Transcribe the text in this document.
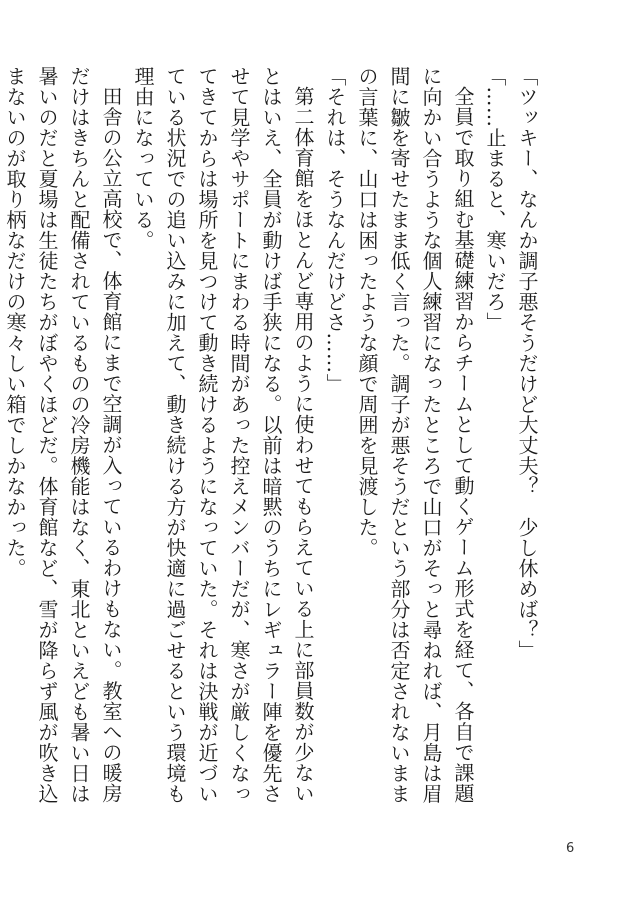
「ツッキー、なんか調子悪そうだけど大丈夫？　少し休めば？」

「……止まると、寒いだろ」

全員で取り組む基礎練習からチームとして動くゲーム形式を経て、各自で課題に向かい合うような個人練習になったところで山口がそっと尋ねれば、月島は眉間に皺を寄せたまま低く言った。調子が悪そうだという部分は否定されないままの言葉に、山口は困ったような顔で周囲を見渡した。

「それは、そうなんだけどさ……」

第二体育館をほとんど専用のように使わせてもらえている上に部員数が少ないとはいえ、全員が動けば手狭になる。以前は暗黙のうちにレギュラー陣を優先させて見学やサポートにまわる時間があった控えメンバーだが、寒さが厳しくなってきてからは場所を見つけて動き続けるようになっていた。それは決戦が近づいている状況での追い込みに加えて、動き続ける方が快適に過ごせるという環境も理由になっている。

田舎の公立高校で、体育館にまで空調が入っているわけもない。教室への暖房だけはきちんと配備されているものの冷房機能はなく、東北といえども暑い日は暑いのだと夏場は生徒たちがぼやくほどだ。体育館など、雪が降らず風が吹き込まないのが取り柄なだけの寒々しい箱でしかなかった。

6
